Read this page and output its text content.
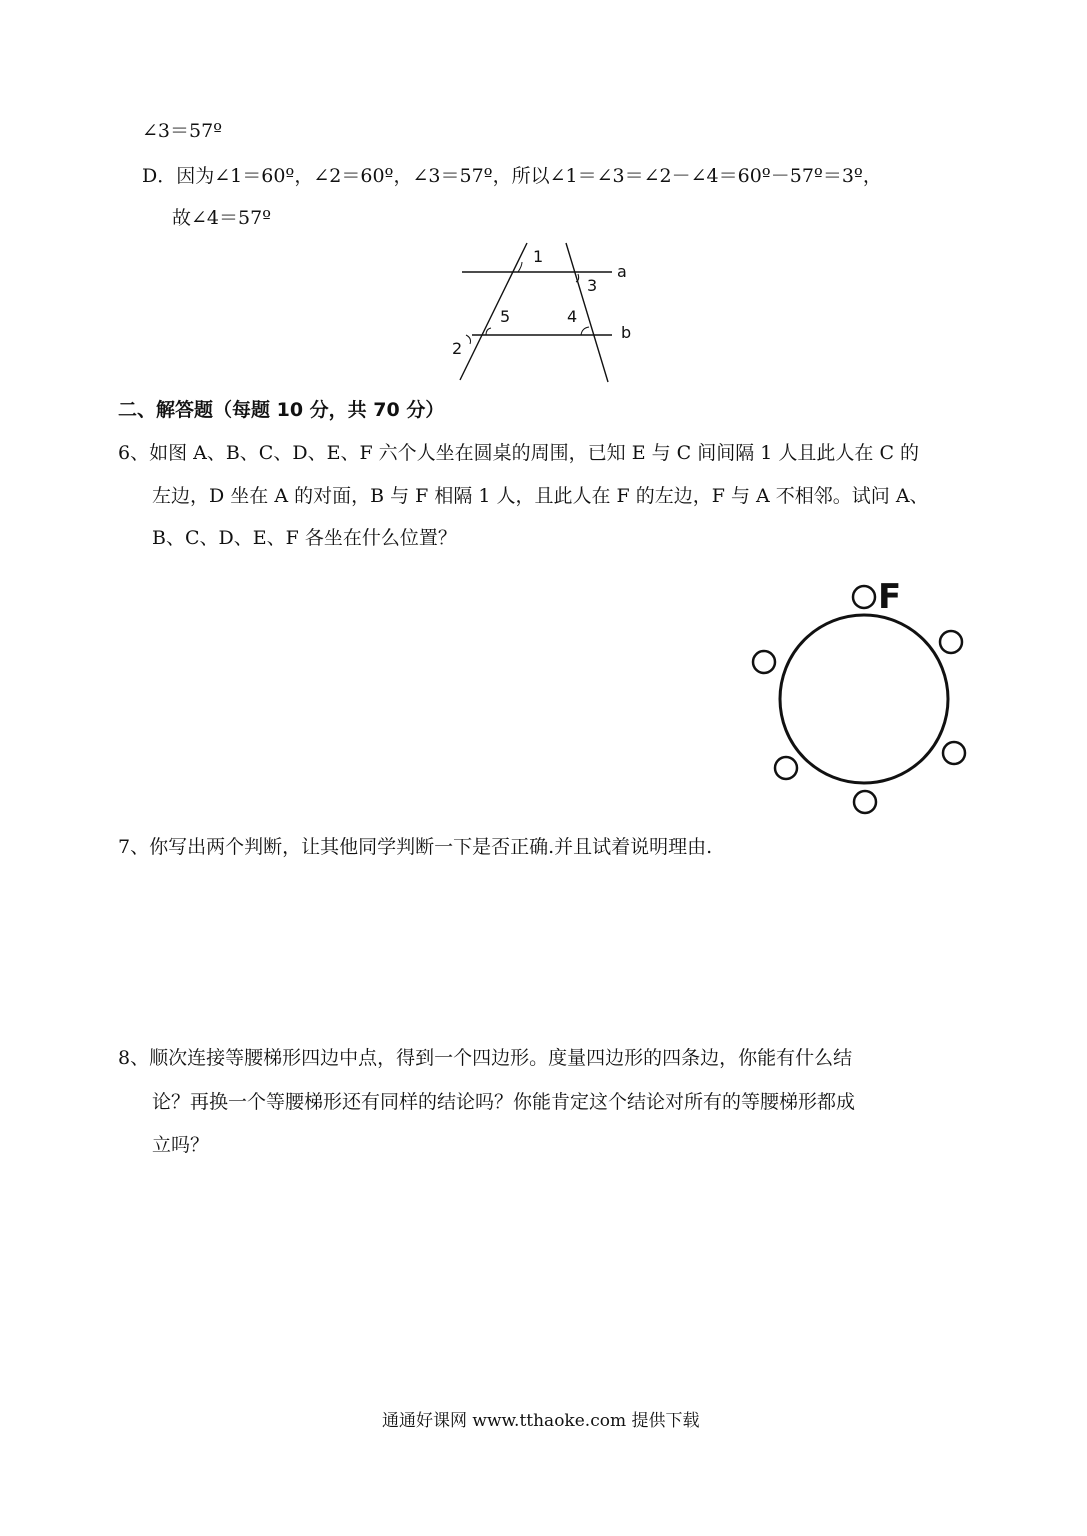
∠3＝57º
D．因为∠1＝60º，∠2＝60º，∠3＝57º，所以∠1＝∠3＝∠2－∠4＝60º－57º＝3º，
故∠4＝57º
1
3
a
5	4
b
2
二、解答题（每题 10 分，共 70 分）
6、如图 A、B、C、D、E、F 六个人坐在圆桌的周围，已知 E 与 C 间间隔 1 人且此人在 C 的
左边，D 坐在 A 的对面，B 与 F 相隔 1 人，且此人在 F 的左边，F 与 A 不相邻。试问 A、
B、C、D、E、F 各坐在什么位置？
F
7、你写出两个判断，让其他同学判断一下是否正确.并且试着说明理由.
8、顺次连接等腰梯形四边中点，得到一个四边形。度量四边形的四条边，你能有什么结
论？再换一个等腰梯形还有同样的结论吗？你能肯定这个结论对所有的等腰梯形都成
立吗？
通通好课网 www.tthaoke.com 提供下载
